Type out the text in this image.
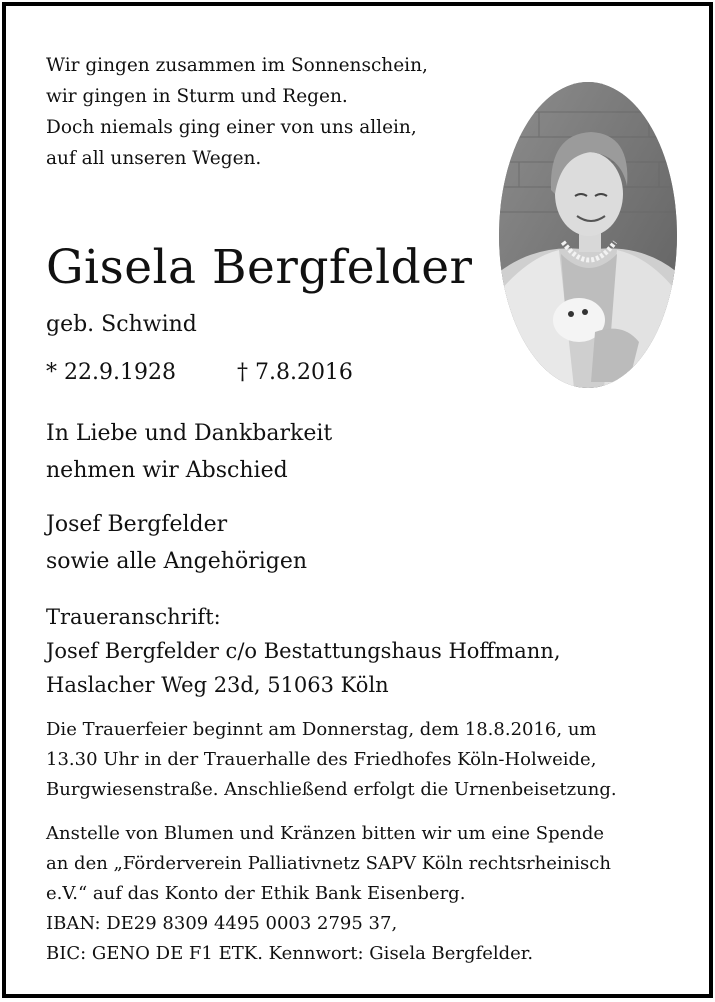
Wir gingen zusammen im Sonnenschein,
wir gingen in Sturm und Regen.
Doch niemals ging einer von uns allein,
auf all unseren Wegen.
Gisela Bergfelder
geb. Schwind
* 22.9.1928	† 7.8.2016
In Liebe und Dankbarkeit
nehmen wir Abschied
Josef Bergfelder
sowie alle Angehörigen
Traueranschrift:
Josef Bergfelder c/o Bestattungshaus Hoffmann,
Haslacher Weg 23d, 51063 Köln
Die Trauerfeier beginnt am Donnerstag, dem 18.8.2016, um
13.30 Uhr in der Trauerhalle des Friedhofes Köln-Holweide,
Burgwiesenstraße. Anschließend erfolgt die Urnenbeisetzung.
Anstelle von Blumen und Kränzen bitten wir um eine Spende
an den „Förderverein Palliativnetz SAPV Köln rechtsrheinisch
e.V.“ auf das Konto der Ethik Bank Eisenberg.
IBAN: DE29 8309 4495 0003 2795 37,
BIC: GENO DE F1 ETK. Kennwort: Gisela Bergfelder.
